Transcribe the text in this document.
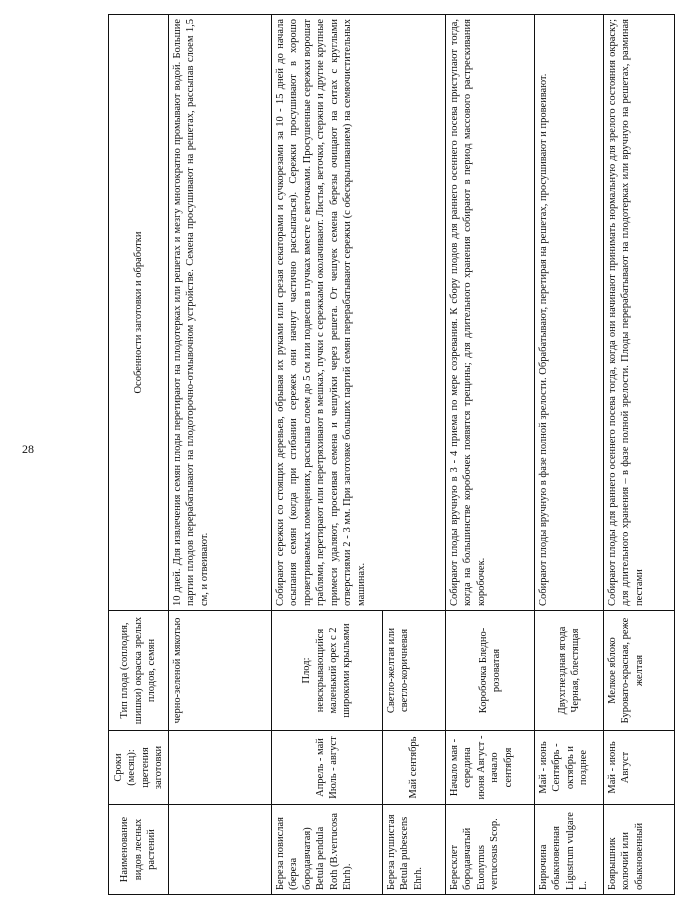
28
Наименование видов лесных растений	Сроки (месяц): цветения заготовки	Тип плода (соплодия, шишки) окраска зрелых плодов, семян	Особенности заготовки и обработки
		черно-зеленой мякотью	10 дней. Для извлечения семян плоды перетирают на плодотерках или решетах и мезгу многократно промывают водой. Большие партии плодов перерабатывают на плодоторочно-отмывочном устройстве. Семена просушивают на решетах, рассыпав слоем 1,5 см, и отвеивают.
Береза повислая (береза бородавчатая) Betula pendula Roth (B.verrucosa Ehrh).	Апрель - май Июль - август	Плод: невскрывающийся маленький орех с 2 широкими крыльями	Собирают сережки со стоящих деревьев, обрывая их руками или срезая секаторами и сучкорезами за 10 - 15 дней до начала осыпания семян (когда при сгибании сережек они начнут частично рассыпаться). Сережки просушивают в хорошо проветриваемых помещениях, рассыпав слоем до 5 см или подвесив в пучках вместе с веточками. Просушенные сережки ворошат граблями, перетирают или перетряхивают в мешках, пучки с сережками околачивают. Листья, веточки, стержни и другие крупные примеси удаляют, просеивая семена и чешуйки через решета. От чешуек семена березы очищают на ситах с круглыми отверстиями 2 - 3 мм. При заготовке больших партий семян перерабатывают сережки (с обескрыливанием) на семяочистительных машинах.
Береза пушистая Betula pubescens Ehrh.	Май сентябрь	Светло-желтая или светло-коричневая	
Бересклет бородавчатый Euonymus verrucosus Scop.	Начало мая - середина июня Август - начало сентября	Коробочка Бледно-розоватая	Собирают плоды вручную в 3 - 4 приема по мере созревания. К сбору плодов для раннего осеннего посева приступают тогда, когда на большинстве коробочек появятся трещины; для длительного хранения собирают в период массового растрескивания коробочек.
Бирючина обыкновенная Ligustrum vulgare L.	Май - июнь Сентябрь - октябрь и позднее	Двухгнездная ягода Черная, блестящая	Собирают плоды вручную в фазе полной зрелости. Обрабатывают, перетирая на решетах, просушивают и провеивают.
Боярышник колючий или обыкновенный	Май - июнь Август	Мелкое яблоко Буровато-красная, реже желтая	Собирают плоды для раннего осеннего посева тогда, когда они начинают принимать нормальную для зрелого состояния окраску; для длительного хранения – в фазе полной зрелости. Плоды перерабатывают на плодотерках или вручную на решетах, разминая пестами
